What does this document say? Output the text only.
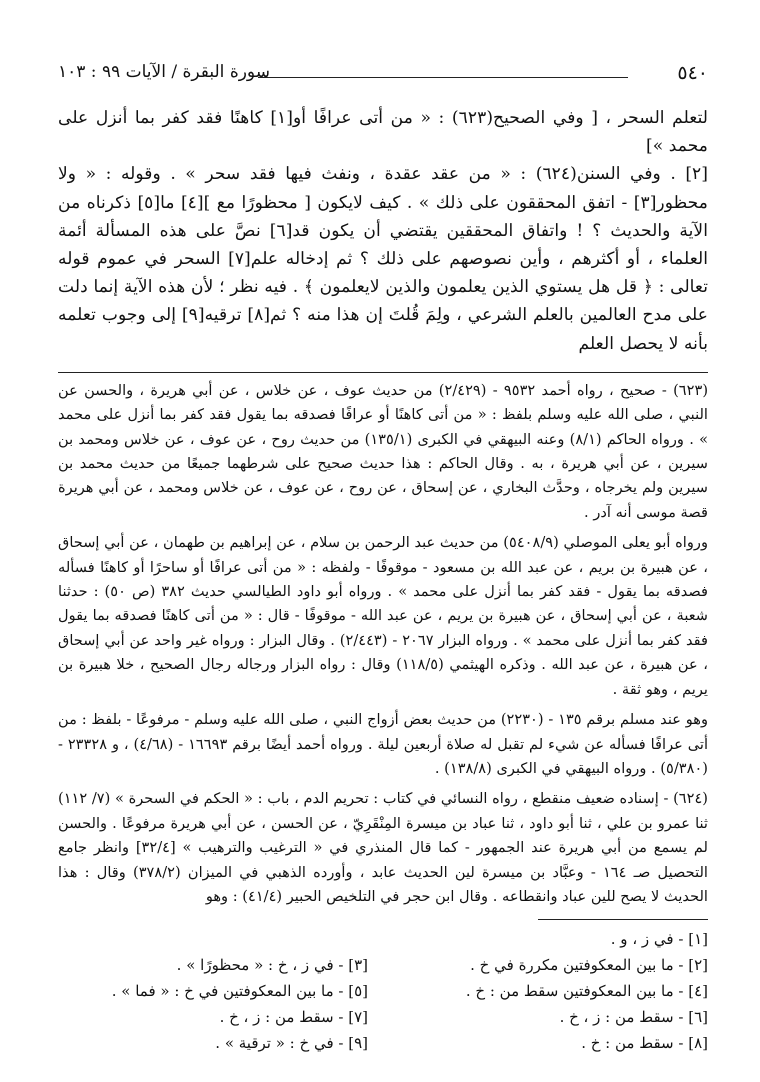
٥٤٠
سورة البقرة / الآيات ٩٩ : ١٠٣

لتعلم السحر ، [ وفي الصحيح(٦٢٣) : « من أتى عرافًا أو[١] كاهنًا فقد كفر بما أنزل على محمد »]

[٢] . وفي السنن(٦٢٤) : « من عقد عقدة ، ونفث فيها فقد سحر » . وقوله : « ولا محظور[٣] - اتفق المحققون على ذلك » . كيف لايكون [ محظورًا مع ][٤] ما[٥] ذكرناه من الآية والحديث ؟ ! واتفاق المحققين يقتضي أن يكون قد[٦] نصَّ على هذه المسألة أئمة العلماء ، أو أكثرهم ، وأين نصوصهم على ذلك ؟ ثم إدخاله علم[٧] السحر في عموم قوله تعالى : ﴿ قل هل يستوي الذين يعلمون والذين لايعلمون ﴾ . فيه نظر ؛ لأن هذه الآية إنما دلت على مدح العالمين بالعلم الشرعي ، ولِمَ قُلتَ إن هذا منه ؟ ثم[٨] ترقيه[٩] إلى وجوب تعلمه بأنه لا يحصل العلم

(٦٢٣) - صحيح ، رواه أحمد ٩٥٣٢ - (٢/٤٢٩) من حديث عوف ، عن خلاس ، عن أبي هريرة ، والحسن عن النبي ، صلى الله عليه وسلم بلفظ : « من أتى كاهنًا أو عرافًا فصدقه بما يقول فقد كفر بما أنزل على محمد » . ورواه الحاكم (٨/١) وعنه البيهقي في الكبرى (١٣٥/١) من حديث روح ، عن عوف ، عن خلاس ومحمد بن سيرين ، عن أبي هريرة ، به . وقال الحاكم : هذا حديث صحيح على شرطهما جميعًا من حديث محمد بن سيرين ولم يخرجاه ، وحدَّث البخاري ، عن إسحاق ، عن روح ، عن عوف ، عن خلاس ومحمد ، عن أبي هريرة قصة موسى أنه آدر .

ورواه أبو يعلى الموصلي (٥٤٠٨/٩) من حديث عبد الرحمن بن سلام ، عن إبراهيم بن طهمان ، عن أبي إسحاق ، عن هبيرة بن بريم ، عن عبد الله بن مسعود - موقوفًا - ولفظه : « من أتى عرافًا أو ساحرًا أو كاهنًا فسأله فصدقه بما يقول - فقد كفر بما أنزل على محمد » . ورواه أبو داود الطيالسي حديث ٣٨٢ (ص ٥٠) : حدثنا شعبة ، عن أبي إسحاق ، عن هبيرة بن يريم ، عن عبد الله - موقوفًا - قال : « من أتى كاهنًا فصدقه بما يقول فقد كفر بما أنزل على محمد » . ورواه البزار ٢٠٦٧ - (٢/٤٤٣) . وقال البزار : ورواه غير واحد عن أبي إسحاق ، عن هبيرة ، عن عبد الله . وذكره الهيثمي (١١٨/٥) وقال : رواه البزار ورجاله رجال الصحيح ، خلا هبيرة بن يريم ، وهو ثقة .

وهو عند مسلم برقم ١٣٥ - (٢٢٣٠) من حديث بعض أزواج النبي ، صلى الله عليه وسلم - مرفوعًا - بلفظ : من أتى عرافًا فسأله عن شيء لم تقبل له صلاة أربعين ليلة . ورواه أحمد أيضًا برقم ١٦٦٩٣ - (٤/٦٨) ، و ٢٣٣٢٨ - (٥/٣٨٠) . ورواه البيهقي في الكبرى (١٣٨/٨) .

(٦٢٤) - إسناده ضعيف منقطع ، رواه النسائي في كتاب : تحريم الدم ، باب : « الحكم في السحرة » (٧/ ١١٢) ثنا عمرو بن علي ، ثنا أبو داود ، ثنا عباد بن ميسرة المِنْقَرِيّ ، عن الحسن ، عن أبي هريرة مرفوعًا . والحسن لم يسمع من أبي هريرة عند الجمهور - كما قال المنذري في « الترغيب والترهيب » [٣٢/٤] وانظر جامع التحصيل صـ ١٦٤ - وعبَّاد بن ميسرة لين الحديث عابد ، وأورده الذهبي في الميزان (٣٧٨/٢) وقال : هذا الحديث لا يصح للين عباد وانقطاعه . وقال ابن حجر في التلخيص الحبير (٤١/٤) : وهو

[١] - في ز ، و .
[٢] - ما بين المعكوفتين مكررة في خ .
[٣] - في ز ، خ : « محظورًا » .
[٤] - ما بين المعكوفتين سقط من : خ .
[٥] - ما بين المعكوفتين في خ : « فما » .
[٦] - سقط من : ز ، خ .
[٧] - سقط من : ز ، خ .
[٨] - سقط من : خ .
[٩] - في خ : « ترقية » .
